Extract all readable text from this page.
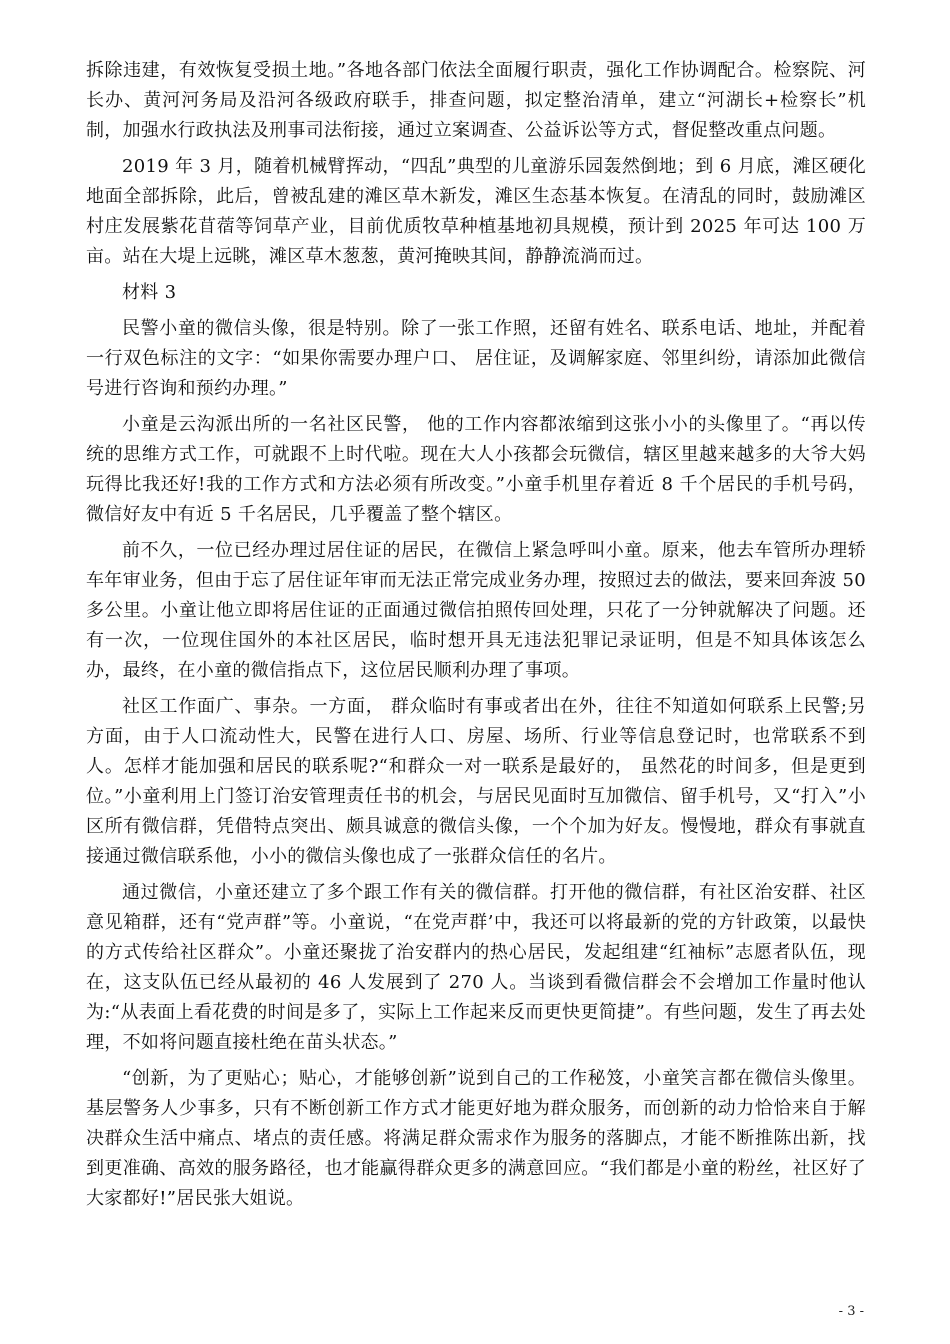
拆除违建，有效恢复受损土地。”各地各部门依法全面履行职责，强化工作协调配合。检察院、河长办、黄河河务局及沿河各级政府联手，排查问题，拟定整治清单，建立“河湖长+检察长”机制，加强水行政执法及刑事司法衔接，通过立案调查、公益诉讼等方式，督促整改重点问题。

2019 年 3 月，随着机械臂挥动，“四乱”典型的儿童游乐园轰然倒地；到 6 月底，滩区硬化地面全部拆除，此后，曾被乱建的滩区草木新发，滩区生态基本恢复。在清乱的同时，鼓励滩区村庄发展紫花苜蓿等饲草产业，目前优质牧草种植基地初具规模，预计到 2025 年可达 100 万亩。站在大堤上远眺，滩区草木葱葱，黄河掩映其间，静静流淌而过。

材料 3

民警小童的微信头像，很是特别。除了一张工作照，还留有姓名、联系电话、地址，并配着一行双色标注的文字：“如果你需要办理户口、 居住证，及调解家庭、邻里纠纷，请添加此微信号进行咨询和预约办理。”

小童是云沟派出所的一名社区民警， 他的工作内容都浓缩到这张小小的头像里了。“再以传统的思维方式工作，可就跟不上时代啦。现在大人小孩都会玩微信，辖区里越来越多的大爷大妈玩得比我还好!我的工作方式和方法必须有所改变。”小童手机里存着近 8 千个居民的手机号码，微信好友中有近 5 千名居民，几乎覆盖了整个辖区。

前不久，一位已经办理过居住证的居民，在微信上紧急呼叫小童。原来，他去车管所办理轿车年审业务，但由于忘了居住证年审而无法正常完成业务办理，按照过去的做法，要来回奔波 50 多公里。小童让他立即将居住证的正面通过微信拍照传回处理，只花了一分钟就解决了问题。还有一次，一位现住国外的本社区居民，临时想开具无违法犯罪记录证明，但是不知具体该怎么办，最终，在小童的微信指点下，这位居民顺利办理了事项。

社区工作面广、事杂。一方面， 群众临时有事或者出在外，往往不知道如何联系上民警;另方面，由于人口流动性大，民警在进行人口、房屋、场所、行业等信息登记时，也常联系不到人。怎样才能加强和居民的联系呢?“和群众一对一联系是最好的， 虽然花的时间多，但是更到位。”小童利用上门签订治安管理责任书的机会，与居民见面时互加微信、留手机号，又“打入”小区所有微信群，凭借特点突出、颇具诚意的微信头像，一个个加为好友。慢慢地，群众有事就直接通过微信联系他，小小的微信头像也成了一张群众信任的名片。

通过微信，小童还建立了多个跟工作有关的微信群。打开他的微信群，有社区治安群、社区意见箱群，还有“党声群”等。小童说，“在党声群’中，我还可以将最新的党的方针政策，以最快的方式传给社区群众”。小童还聚拢了治安群内的热心居民，发起组建“红袖标”志愿者队伍，现在，这支队伍已经从最初的 46 人发展到了 270 人。当谈到看微信群会不会增加工作量时他认为:“从表面上看花费的时间是多了，实际上工作起来反而更快更简捷”。有些问题，发生了再去处理，不如将问题直接杜绝在苗头状态。”

“创新，为了更贴心；贴心，才能够创新”说到自己的工作秘笈，小童笑言都在微信头像里。基层警务人少事多，只有不断创新工作方式才能更好地为群众服务，而创新的动力恰恰来自于解决群众生活中痛点、堵点的责任感。将满足群众需求作为服务的落脚点，才能不断推陈出新，找到更准确、高效的服务路径，也才能赢得群众更多的满意回应。“我们都是小童的粉丝，社区好了大家都好!”居民张大姐说。

- 3 -
